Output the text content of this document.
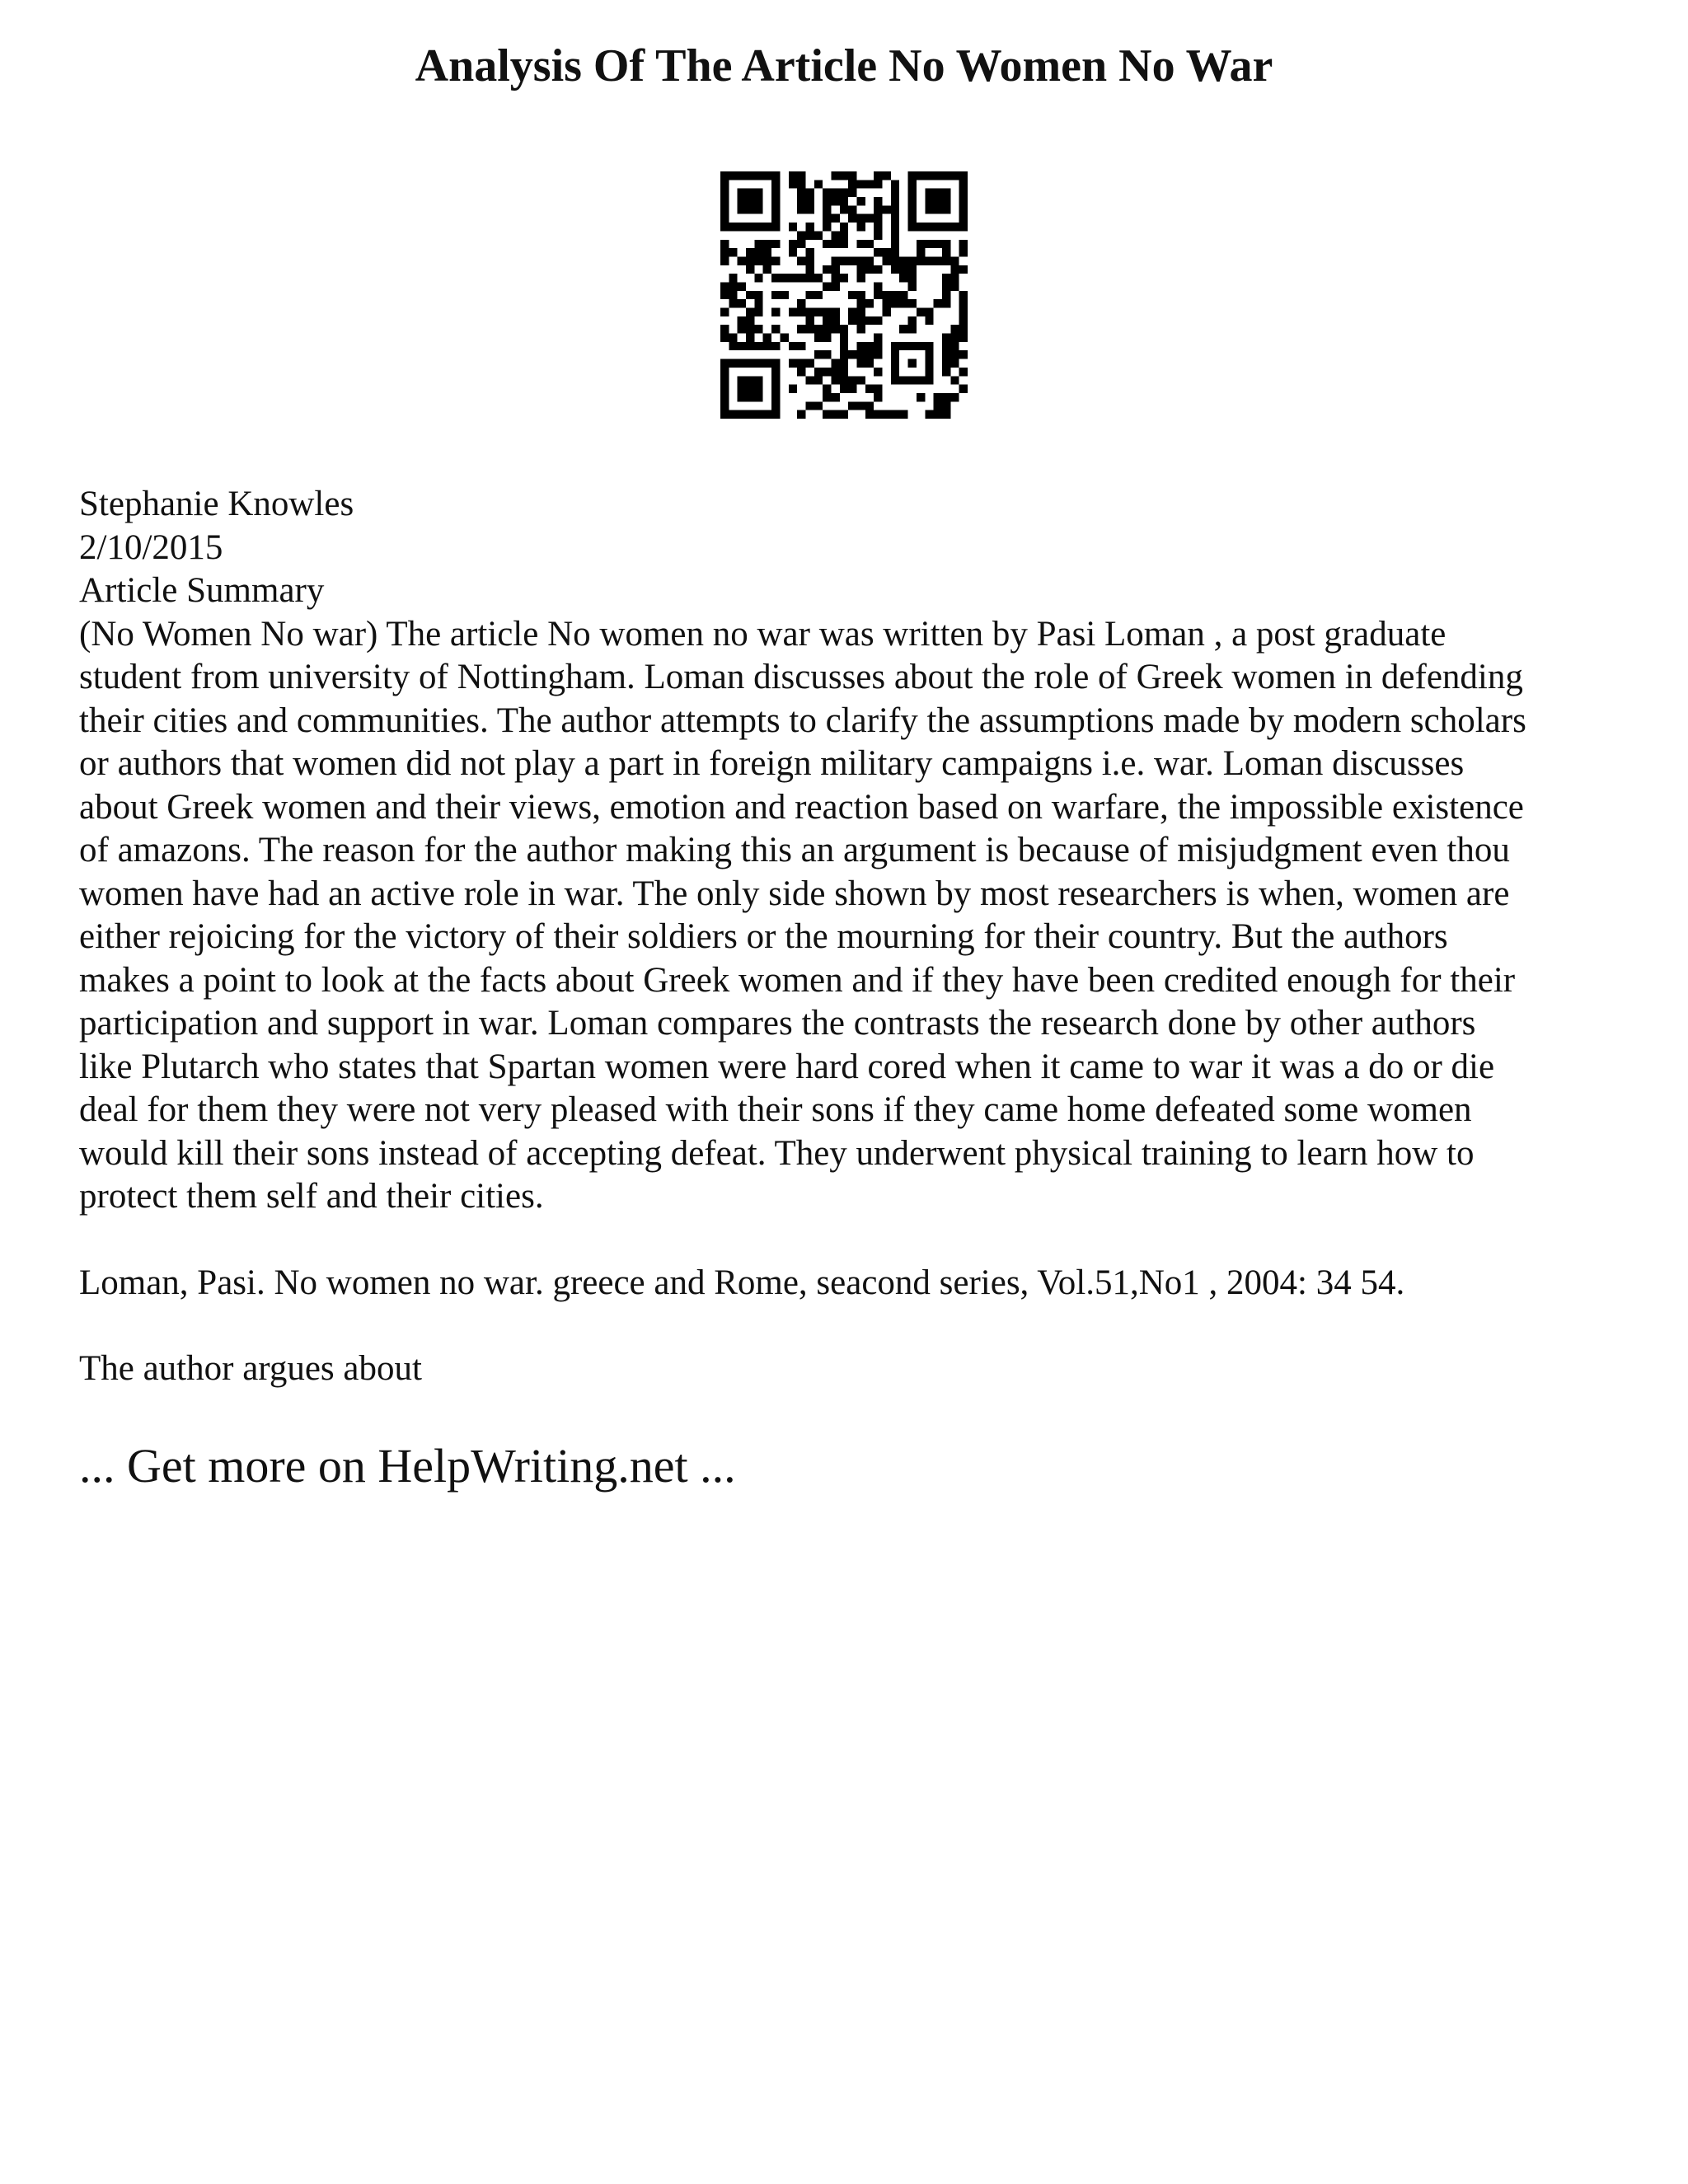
Analysis Of The Article No Women No War
Stephanie Knowles
2/10/2015
Article Summary
(No Women No war) The article No women no war was written by Pasi Loman , a post graduate
student from university of Nottingham. Loman discusses about the role of Greek women in defending
their cities and communities. The author attempts to clarify the assumptions made by modern scholars
or authors that women did not play a part in foreign military campaigns i.e. war. Loman discusses
about Greek women and their views, emotion and reaction based on warfare, the impossible existence
of amazons. The reason for the author making this an argument is because of misjudgment even thou
women have had an active role in war. The only side shown by most researchers is when, women are
either rejoicing for the victory of their soldiers or the mourning for their country. But the authors
makes a point to look at the facts about Greek women and if they have been credited enough for their
participation and support in war. Loman compares the contrasts the research done by other authors
like Plutarch who states that Spartan women were hard cored when it came to war it was a do or die
deal for them they were not very pleased with their sons if they came home defeated some women
would kill their sons instead of accepting defeat. They underwent physical training to learn how to
protect them self and their cities.
Loman, Pasi. No women no war. greece and Rome, seacond series, Vol.51,No1 , 2004: 34 54.
The author argues about
... Get more on HelpWriting.net ...
